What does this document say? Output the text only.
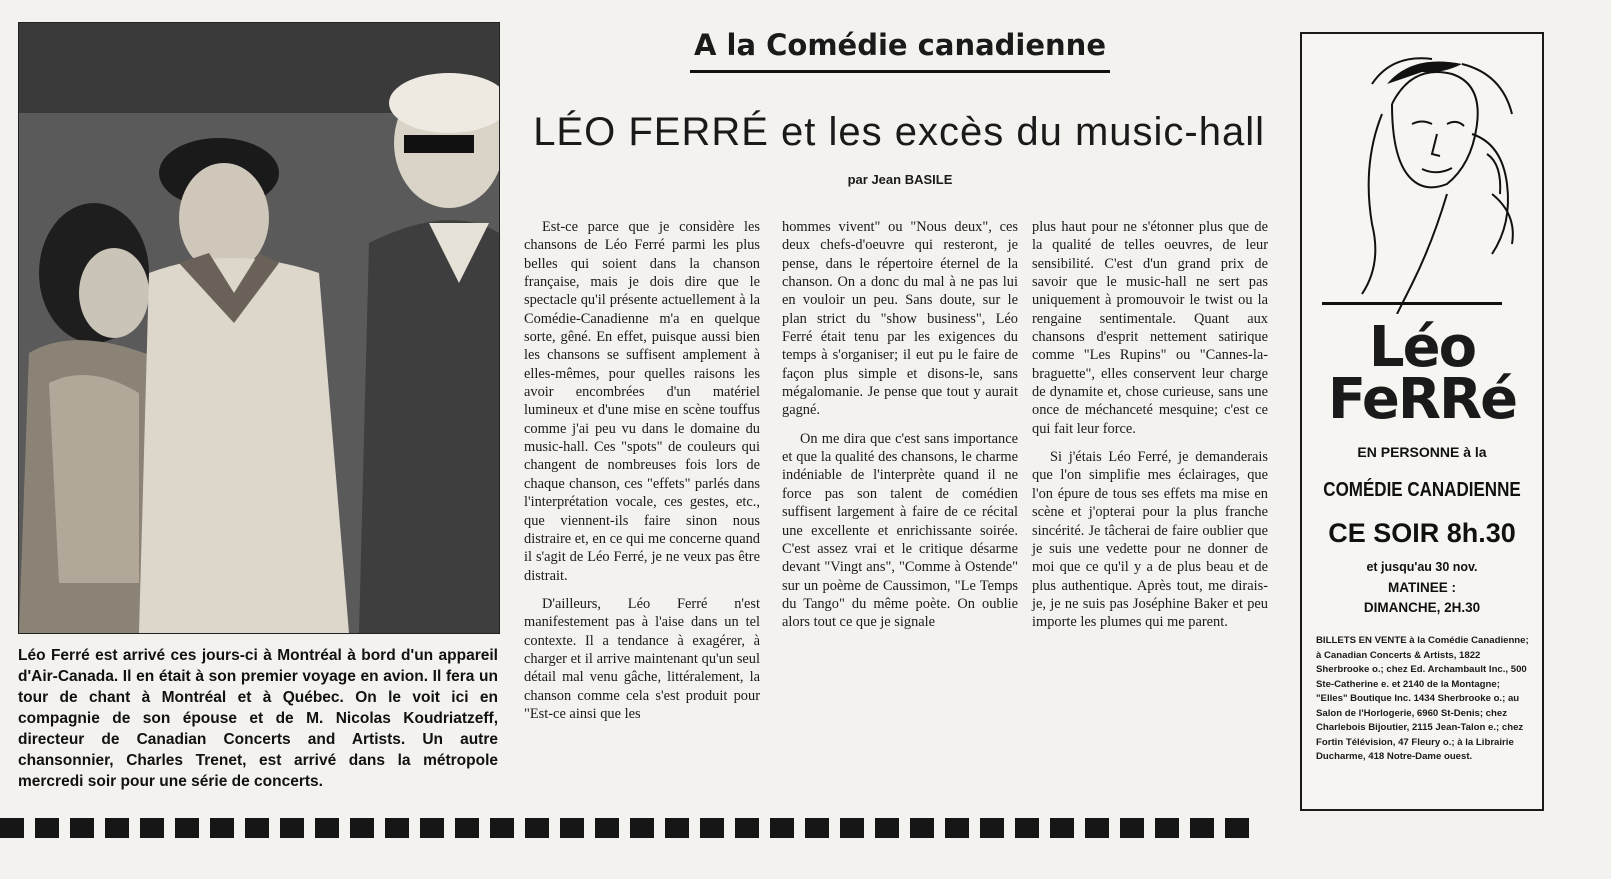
Léo Ferré est arrivé ces jours-ci à Montréal à bord d'un appareil d'Air-Canada. Il en était à son premier voyage en avion. Il fera un tour de chant à Montréal et à Québec. On le voit ici en compagnie de son épouse et de M. Nicolas Koudriatzeff, directeur de Canadian Concerts and Artists. Un autre chansonnier, Charles Trenet, est arrivé dans la métropole mercredi soir pour une série de concerts.
A la Comédie canadienne
LÉO FERRÉ et les excès du music-hall
par Jean BASILE

Est-ce parce que je considère les chansons de Léo Ferré parmi les plus belles qui soient dans la chanson française, mais je dois dire que le spectacle qu'il présente actuellement à la Comédie-Canadienne m'a en quelque sorte, gêné. En effet, puisque aussi bien les chansons se suffisent amplement à elles-mêmes, pour quelles raisons les avoir encombrées d'un matériel lumineux et d'une mise en scène touffus comme j'ai peu vu dans le domaine du music-hall. Ces "spots" de couleurs qui changent de nombreuses fois lors de chaque chanson, ces "effets" parlés dans l'interprétation vocale, ces gestes, etc., que viennent-ils faire sinon nous distraire et, en ce qui me concerne quand il s'agit de Léo Ferré, je ne veux pas être distrait.

D'ailleurs, Léo Ferré n'est manifestement pas à l'aise dans un tel contexte. Il a tendance à exagérer, à charger et il arrive maintenant qu'un seul détail mal venu gâche, littéralement, la chanson comme cela s'est produit pour "Est-ce ainsi que les

hommes vivent" ou "Nous deux", ces deux chefs-d'oeuvre qui resteront, je pense, dans le répertoire éternel de la chanson. On a donc du mal à ne pas lui en vouloir un peu. Sans doute, sur le plan strict du "show business", Léo Ferré était tenu par les exigences du temps à s'organiser; il eut pu le faire de façon plus simple et disons-le, sans mégalomanie. Je pense que tout y aurait gagné.

On me dira que c'est sans importance et que la qualité des chansons, le charme indéniable de l'interprète quand il ne force pas son talent de comédien suffisent largement à faire de ce récital une excellente et enrichissante soirée. C'est assez vrai et le critique désarme devant "Vingt ans", "Comme à Ostende" sur un poème de Caussimon, "Le Temps du Tango" du même poète. On oublie alors tout ce que je signale

plus haut pour ne s'étonner plus que de la qualité de telles oeuvres, de leur sensibilité. C'est d'un grand prix de savoir que le music-hall ne sert pas uniquement à promouvoir le twist ou la rengaine sentimentale. Quant aux chansons d'esprit nettement satirique comme "Les Rupins" ou "Cannes-la-braguette", elles conservent leur charge de dynamite et, chose curieuse, sans une once de méchanceté mesquine; c'est ce qui fait leur force.

Si j'étais Léo Ferré, je demanderais que l'on simplifie mes éclairages, que l'on épure de tous ses effets ma mise en scène et j'opterai pour la plus franche sincérité. Je tâcherai de faire oublier que je suis une vedette pour ne donner de moi que ce qu'il y a de plus beau et de plus authentique. Après tout, me dirais-je, je ne suis pas Joséphine Baker et peu importe les plumes qui me parent.

Léo
FeRRé
EN PERSONNE à la
COMÉDIE CANADIENNE
CE SOIR 8h.30
et jusqu'au 30 nov.
MATINEE :
DIMANCHE, 2H.30
BILLETS EN VENTE à la Comédie Canadienne; à Canadian Concerts & Artists, 1822 Sherbrooke o.; chez Ed. Archambault Inc., 500 Ste-Catherine e. et 2140 de la Montagne; "Elles" Boutique Inc. 1434 Sherbrooke o.; au Salon de l'Horlogerie, 6960 St-Denis; chez Charlebois Bijoutier, 2115 Jean-Talon e.; chez Fortin Télévision, 47 Fleury o.; à la Librairie Ducharme, 418 Notre-Dame ouest.
